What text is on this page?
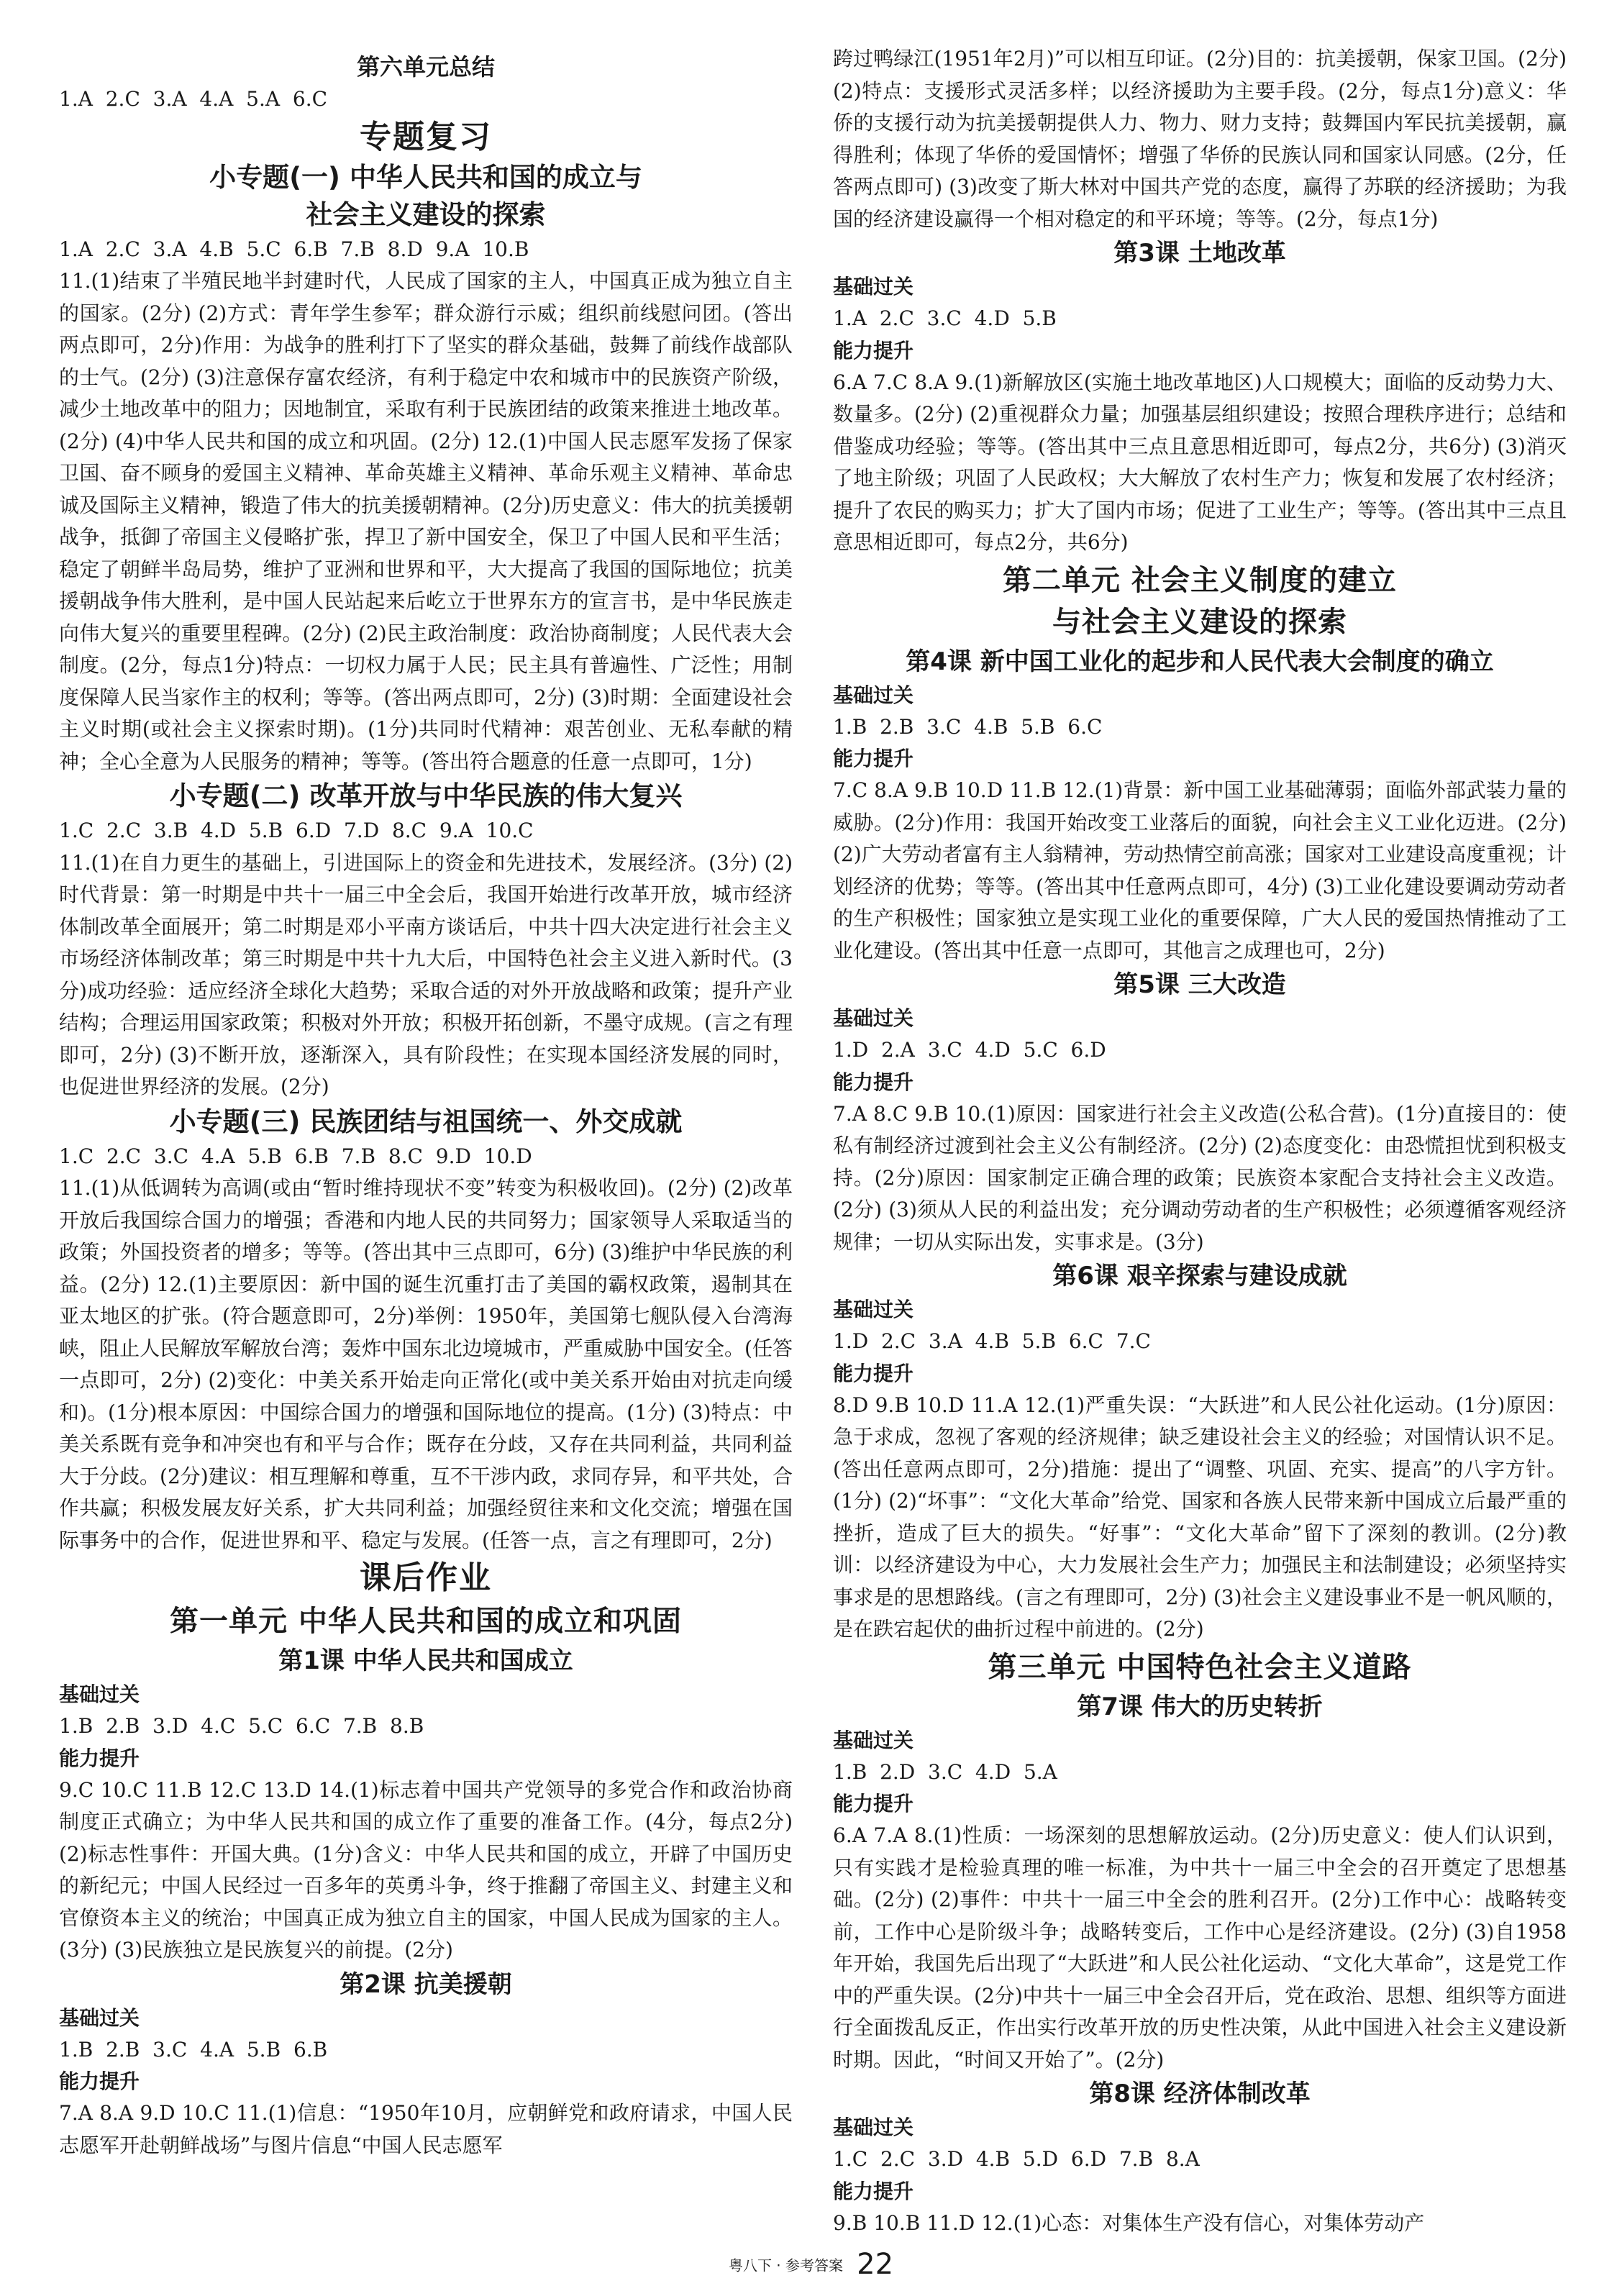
第六单元总结

1.A  2.C  3.A  4.A  5.A  6.C

专题复习

小专题(一) 中华人民共和国的成立与

社会主义建设的探索

1.A  2.C  3.A  4.B  5.C  6.B  7.B  8.D  9.A  10.B

11.(1)结束了半殖民地半封建时代，人民成了国家的主人，中国真正成为独立自主的国家。(2分) (2)方式：青年学生参军；群众游行示威；组织前线慰问团。(答出两点即可，2分)作用：为战争的胜利打下了坚实的群众基础，鼓舞了前线作战部队的士气。(2分) (3)注意保存富农经济，有利于稳定中农和城市中的民族资产阶级，减少土地改革中的阻力；因地制宜，采取有利于民族团结的政策来推进土地改革。(2分) (4)中华人民共和国的成立和巩固。(2分) 12.(1)中国人民志愿军发扬了保家卫国、奋不顾身的爱国主义精神、革命英雄主义精神、革命乐观主义精神、革命忠诚及国际主义精神，锻造了伟大的抗美援朝精神。(2分)历史意义：伟大的抗美援朝战争，抵御了帝国主义侵略扩张，捍卫了新中国安全，保卫了中国人民和平生活；稳定了朝鲜半岛局势，维护了亚洲和世界和平，大大提高了我国的国际地位；抗美援朝战争伟大胜利，是中国人民站起来后屹立于世界东方的宣言书，是中华民族走向伟大复兴的重要里程碑。(2分) (2)民主政治制度：政治协商制度；人民代表大会制度。(2分，每点1分)特点：一切权力属于人民；民主具有普遍性、广泛性；用制度保障人民当家作主的权利；等等。(答出两点即可，2分) (3)时期：全面建设社会主义时期(或社会主义探索时期)。(1分)共同时代精神：艰苦创业、无私奉献的精神；全心全意为人民服务的精神；等等。(答出符合题意的任意一点即可，1分)

小专题(二) 改革开放与中华民族的伟大复兴

1.C  2.C  3.B  4.D  5.B  6.D  7.D  8.C  9.A  10.C

11.(1)在自力更生的基础上，引进国际上的资金和先进技术，发展经济。(3分) (2)时代背景：第一时期是中共十一届三中全会后，我国开始进行改革开放，城市经济体制改革全面展开；第二时期是邓小平南方谈话后，中共十四大决定进行社会主义市场经济体制改革；第三时期是中共十九大后，中国特色社会主义进入新时代。(3分)成功经验：适应经济全球化大趋势；采取合适的对外开放战略和政策；提升产业结构；合理运用国家政策；积极对外开放；积极开拓创新，不墨守成规。(言之有理即可，2分) (3)不断开放，逐渐深入，具有阶段性；在实现本国经济发展的同时，也促进世界经济的发展。(2分)

小专题(三) 民族团结与祖国统一、外交成就

1.C  2.C  3.C  4.A  5.B  6.B  7.B  8.C  9.D  10.D

11.(1)从低调转为高调(或由“暂时维持现状不变”转变为积极收回)。(2分) (2)改革开放后我国综合国力的增强；香港和内地人民的共同努力；国家领导人采取适当的政策；外国投资者的增多；等等。(答出其中三点即可，6分) (3)维护中华民族的利益。(2分) 12.(1)主要原因：新中国的诞生沉重打击了美国的霸权政策，遏制其在亚太地区的扩张。(符合题意即可，2分)举例：1950年，美国第七舰队侵入台湾海峡，阻止人民解放军解放台湾；轰炸中国东北边境城市，严重威胁中国安全。(任答一点即可，2分) (2)变化：中美关系开始走向正常化(或中美关系开始由对抗走向缓和)。(1分)根本原因：中国综合国力的增强和国际地位的提高。(1分) (3)特点：中美关系既有竞争和冲突也有和平与合作；既存在分歧，又存在共同利益，共同利益大于分歧。(2分)建议：相互理解和尊重，互不干涉内政，求同存异，和平共处，合作共赢；积极发展友好关系，扩大共同利益；加强经贸往来和文化交流；增强在国际事务中的合作，促进世界和平、稳定与发展。(任答一点，言之有理即可，2分)

课后作业

第一单元 中华人民共和国的成立和巩固

第1课 中华人民共和国成立

基础过关

1.B  2.B  3.D  4.C  5.C  6.C  7.B  8.B

能力提升

9.C 10.C 11.B 12.C 13.D 14.(1)标志着中国共产党领导的多党合作和政治协商制度正式确立；为中华人民共和国的成立作了重要的准备工作。(4分，每点2分) (2)标志性事件：开国大典。(1分)含义：中华人民共和国的成立，开辟了中国历史的新纪元；中国人民经过一百多年的英勇斗争，终于推翻了帝国主义、封建主义和官僚资本主义的统治；中国真正成为独立自主的国家，中国人民成为国家的主人。(3分) (3)民族独立是民族复兴的前提。(2分)

第2课 抗美援朝

基础过关

1.B  2.B  3.C  4.A  5.B  6.B

能力提升

7.A 8.A 9.D 10.C 11.(1)信息：“1950年10月，应朝鲜党和政府请求，中国人民志愿军开赴朝鲜战场”与图片信息“中国人民志愿军

跨过鸭绿江(1951年2月)”可以相互印证。(2分)目的：抗美援朝，保家卫国。(2分) (2)特点：支援形式灵活多样；以经济援助为主要手段。(2分，每点1分)意义：华侨的支援行动为抗美援朝提供人力、物力、财力支持；鼓舞国内军民抗美援朝，赢得胜利；体现了华侨的爱国情怀；增强了华侨的民族认同和国家认同感。(2分，任答两点即可) (3)改变了斯大林对中国共产党的态度，赢得了苏联的经济援助；为我国的经济建设赢得一个相对稳定的和平环境；等等。(2分，每点1分)

第3课 土地改革

基础过关

1.A  2.C  3.C  4.D  5.B

能力提升

6.A 7.C 8.A 9.(1)新解放区(实施土地改革地区)人口规模大；面临的反动势力大、数量多。(2分) (2)重视群众力量；加强基层组织建设；按照合理秩序进行；总结和借鉴成功经验；等等。(答出其中三点且意思相近即可，每点2分，共6分) (3)消灭了地主阶级；巩固了人民政权；大大解放了农村生产力；恢复和发展了农村经济；提升了农民的购买力；扩大了国内市场；促进了工业生产；等等。(答出其中三点且意思相近即可，每点2分，共6分)

第二单元 社会主义制度的建立

与社会主义建设的探索

第4课 新中国工业化的起步和人民代表大会制度的确立

基础过关

1.B  2.B  3.C  4.B  5.B  6.C

能力提升

7.C 8.A 9.B 10.D 11.B 12.(1)背景：新中国工业基础薄弱；面临外部武装力量的威胁。(2分)作用：我国开始改变工业落后的面貌，向社会主义工业化迈进。(2分) (2)广大劳动者富有主人翁精神，劳动热情空前高涨；国家对工业建设高度重视；计划经济的优势；等等。(答出其中任意两点即可，4分) (3)工业化建设要调动劳动者的生产积极性；国家独立是实现工业化的重要保障，广大人民的爱国热情推动了工业化建设。(答出其中任意一点即可，其他言之成理也可，2分)

第5课 三大改造

基础过关

1.D  2.A  3.C  4.D  5.C  6.D

能力提升

7.A 8.C 9.B 10.(1)原因：国家进行社会主义改造(公私合营)。(1分)直接目的：使私有制经济过渡到社会主义公有制经济。(2分) (2)态度变化：由恐慌担忧到积极支持。(2分)原因：国家制定正确合理的政策；民族资本家配合支持社会主义改造。(2分) (3)须从人民的利益出发；充分调动劳动者的生产积极性；必须遵循客观经济规律；一切从实际出发，实事求是。(3分)

第6课 艰辛探索与建设成就

基础过关

1.D  2.C  3.A  4.B  5.B  6.C  7.C

能力提升

8.D 9.B 10.D 11.A 12.(1)严重失误：“大跃进”和人民公社化运动。(1分)原因：急于求成，忽视了客观的经济规律；缺乏建设社会主义的经验；对国情认识不足。(答出任意两点即可，2分)措施：提出了“调整、巩固、充实、提高”的八字方针。(1分) (2)“坏事”：“文化大革命”给党、国家和各族人民带来新中国成立后最严重的挫折，造成了巨大的损失。“好事”：“文化大革命”留下了深刻的教训。(2分)教训：以经济建设为中心，大力发展社会生产力；加强民主和法制建设；必须坚持实事求是的思想路线。(言之有理即可，2分) (3)社会主义建设事业不是一帆风顺的，是在跌宕起伏的曲折过程中前进的。(2分)

第三单元 中国特色社会主义道路

第7课 伟大的历史转折

基础过关

1.B  2.D  3.C  4.D  5.A

能力提升

6.A 7.A 8.(1)性质：一场深刻的思想解放运动。(2分)历史意义：使人们认识到，只有实践才是检验真理的唯一标准，为中共十一届三中全会的召开奠定了思想基础。(2分) (2)事件：中共十一届三中全会的胜利召开。(2分)工作中心：战略转变前，工作中心是阶级斗争；战略转变后，工作中心是经济建设。(2分) (3)自1958年开始，我国先后出现了“大跃进”和人民公社化运动、“文化大革命”，这是党工作中的严重失误。(2分)中共十一届三中全会召开后，党在政治、思想、组织等方面进行全面拨乱反正，作出实行改革开放的历史性决策，从此中国进入社会主义建设新时期。因此，“时间又开始了”。(2分)

第8课 经济体制改革

基础过关

1.C  2.C  3.D  4.B  5.D  6.D  7.B  8.A

能力提升

9.B 10.B 11.D 12.(1)心态：对集体生产没有信心，对集体劳动产

粤八下 · 参考答案 22
